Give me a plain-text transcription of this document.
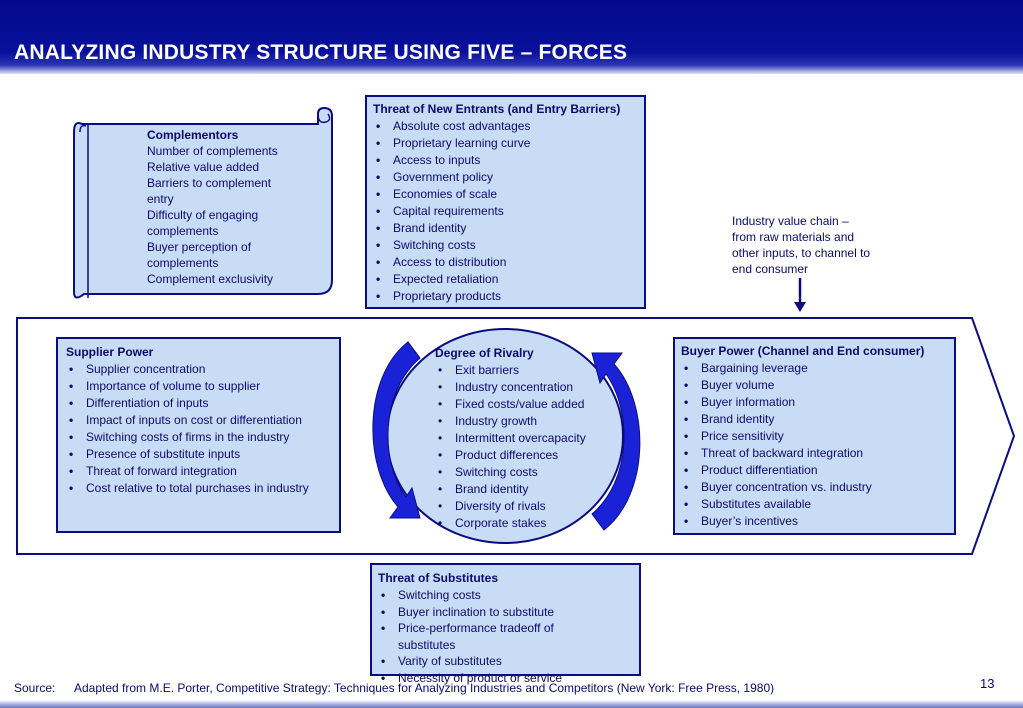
ANALYZING INDUSTRY STRUCTURE USING FIVE – FORCES
Complementors
Number of complements
Relative value added
Barriers to complement
entry
Difficulty of engaging
complements
Buyer perception of
complements
Complement exclusivity
Threat of New Entrants (and Entry Barriers)
• Absolute cost advantages
• Proprietary learning curve
• Access to inputs
• Government policy
• Economies of scale
• Capital requirements
• Brand identity
• Switching costs
• Access to distribution
• Expected retaliation
• Proprietary products
Industry value chain – from raw materials and other inputs, to channel to end consumer
Supplier Power
• Supplier concentration
• Importance of volume to supplier
• Differentiation of inputs
• Impact of inputs on cost or differentiation
• Switching costs of firms in the industry
• Presence of substitute inputs
• Threat of forward integration
• Cost relative to total purchases in industry
Degree of Rivalry
• Exit barriers
• Industry concentration
• Fixed costs/value added
• Industry growth
• Intermittent overcapacity
• Product differences
• Switching costs
• Brand identity
• Diversity of rivals
• Corporate stakes
Buyer Power (Channel and End consumer)
• Bargaining leverage
• Buyer volume
• Buyer information
• Brand identity
• Price sensitivity
• Threat of backward integration
• Product differentiation
• Buyer concentration vs. industry
• Substitutes available
• Buyer’s incentives
Threat of Substitutes
• Switching costs
• Buyer inclination to substitute
• Price-performance tradeoff of substitutes
• Varity of substitutes
• Necessity of product or service
Source: Adapted from M.E. Porter, Competitive Strategy: Techniques for Analyzing Industries and Competitors (New York: Free Press, 1980)	13
